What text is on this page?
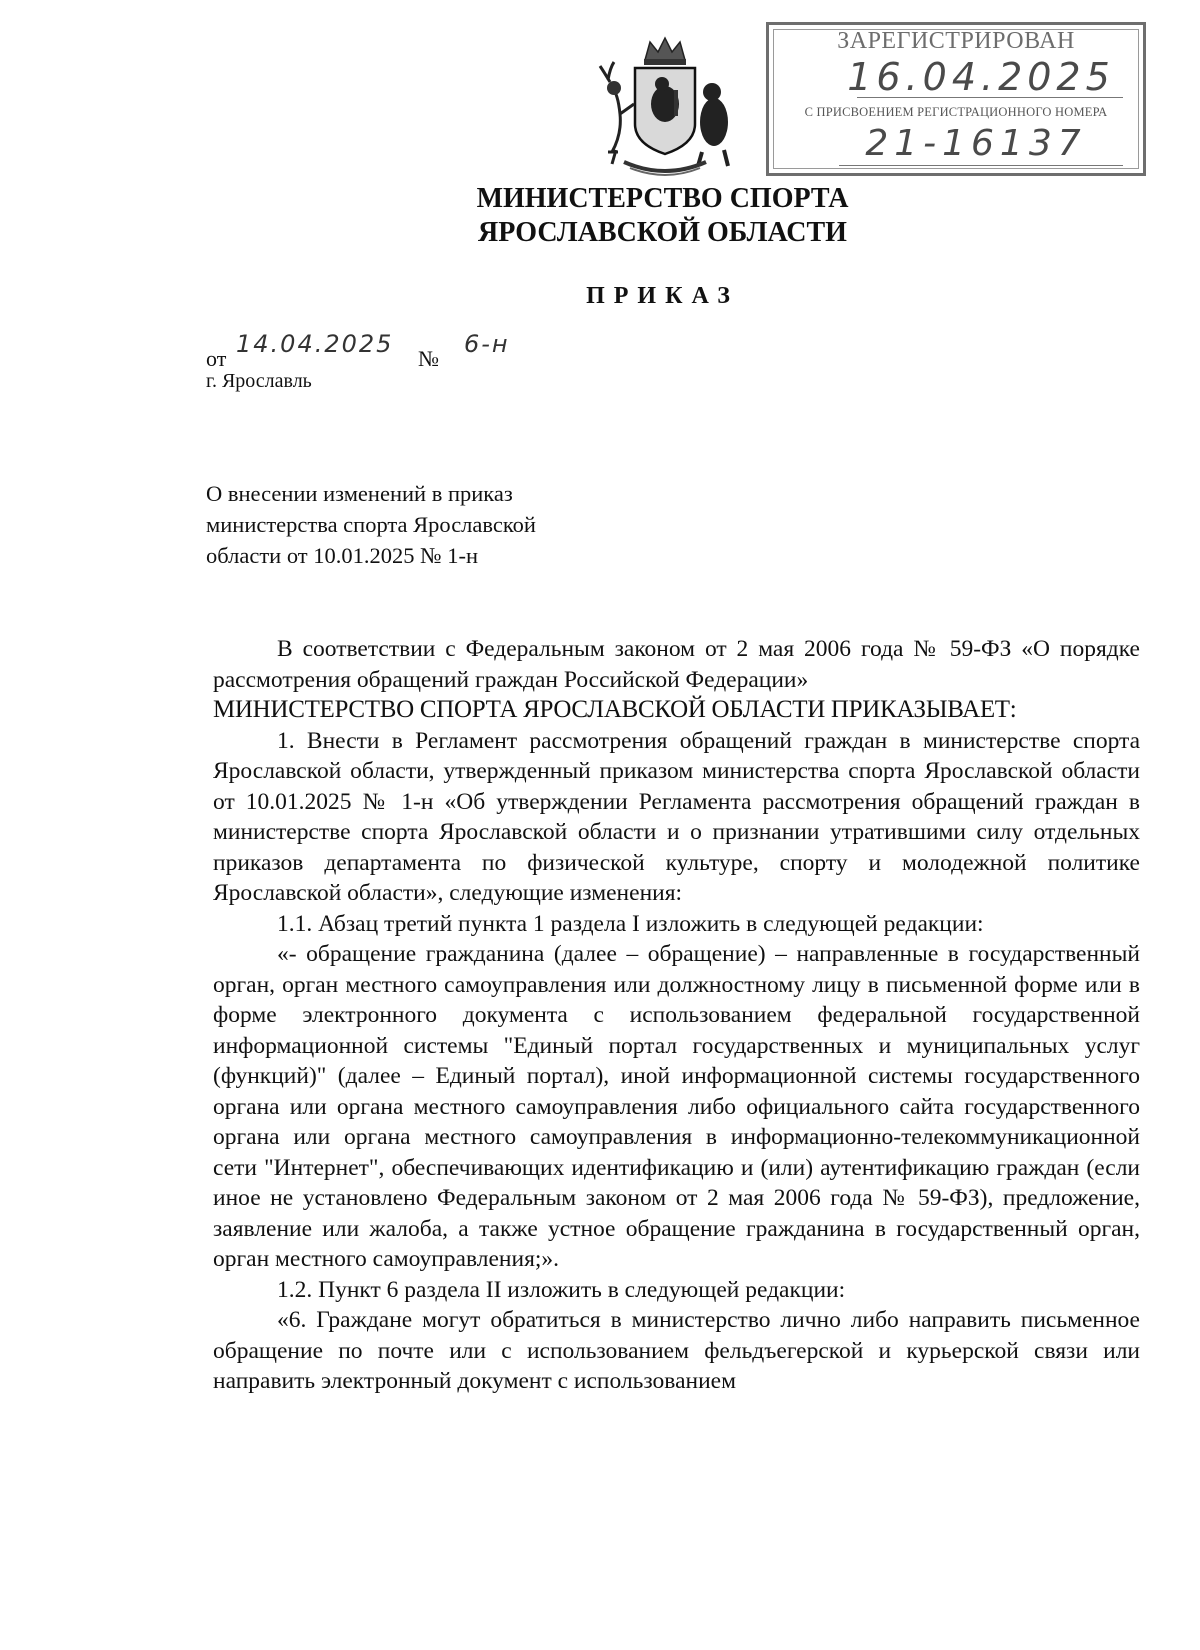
ЗАРЕГИСТРИРОВАН
16.04.2025
С ПРИСВОЕНИЕМ РЕГИСТРАЦИОННОГО НОМЕРА
21-16137
МИНИСТЕРСТВО СПОРТА
ЯРОСЛАВСКОЙ ОБЛАСТИ
ПРИКАЗ
от
14.04.2025
№
6-н
г. Ярославль
О внесении изменений в приказ
министерства спорта Ярославской
области от 10.01.2025 № 1-н

В соответствии с Федеральным законом от 2 мая 2006 года № 59-ФЗ «О порядке рассмотрения обращений граждан Российской Федерации»

МИНИСТЕРСТВО СПОРТА ЯРОСЛАВСКОЙ ОБЛАСТИ ПРИКАЗЫВАЕТ:

1. Внести в Регламент рассмотрения обращений граждан в министерстве спорта Ярославской области, утвержденный приказом министерства спорта Ярославской области от 10.01.2025 № 1-н «Об утверждении Регламента рассмотрения обращений граждан в министерстве спорта Ярославской области и о признании утратившими силу отдельных приказов департамента по физической культуре, спорту и молодежной политике Ярославской области», следующие изменения:

1.1. Абзац третий пункта 1 раздела I изложить в следующей редакции:

«- обращение гражданина (далее – обращение) – направленные в государственный орган, орган местного самоуправления или должностному лицу в письменной форме или в форме электронного документа с использованием федеральной государственной информационной системы "Единый портал государственных и муниципальных услуг (функций)" (далее – Единый портал), иной информационной системы государственного органа или органа местного самоуправления либо официального сайта государственного органа или органа местного самоуправления в информационно-телекоммуникационной сети "Интернет", обеспечивающих идентификацию и (или) аутентификацию граждан (если иное не установлено Федеральным законом от 2 мая 2006 года № 59-ФЗ), предложение, заявление или жалоба, а также устное обращение гражданина в государственный орган, орган местного самоуправления;».

1.2. Пункт 6 раздела II изложить в следующей редакции:

«6. Граждане могут обратиться в министерство лично либо направить письменное обращение по почте или с использованием фельдъегерской и курьерской связи или направить электронный документ с использованием
